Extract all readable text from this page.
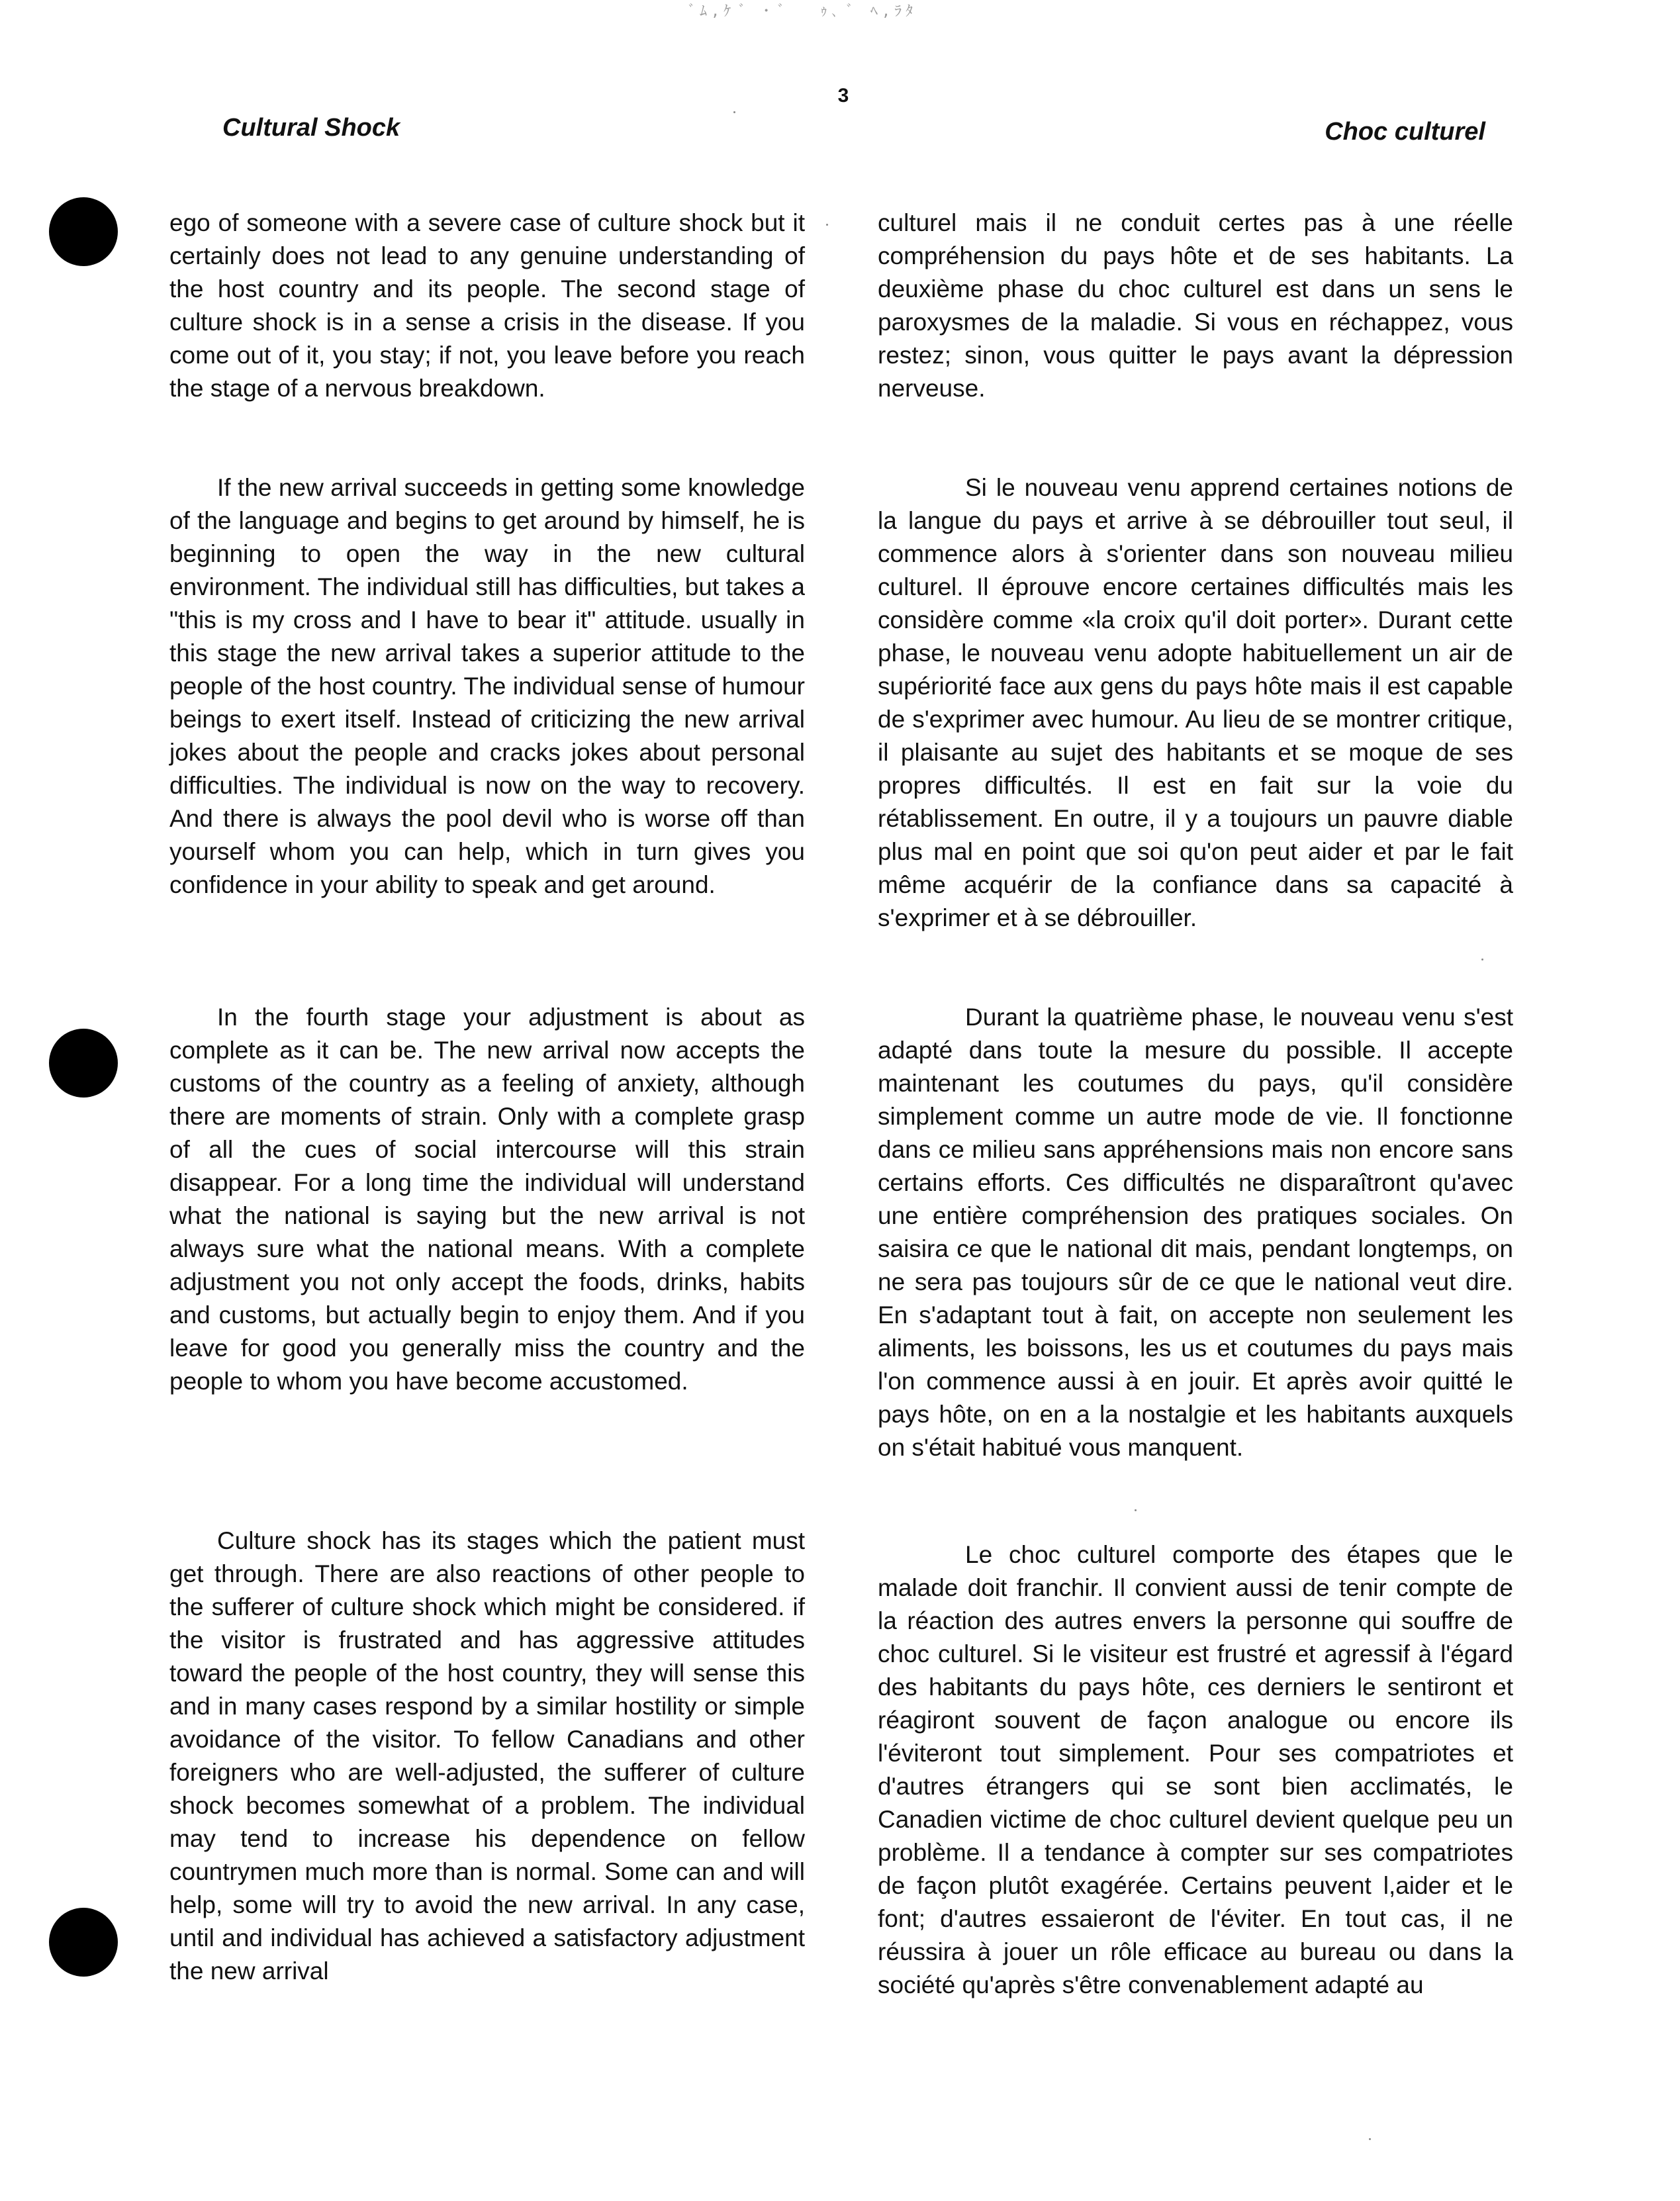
ﾞﾑ,ｹ ﾞ ･ ﾞ　 ｩ､ ﾞ ﾍ,ﾗﾀ
3
Cultural Shock	Choc culturel

ego of someone with a severe case of culture shock but it certainly does not lead to any genuine understanding of the host country and its people. The second stage of culture shock is in a sense a crisis in the disease. If you come out of it, you stay; if not, you leave before you reach the stage of a nervous breakdown.

If the new arrival succeeds in getting some knowledge of the language and begins to get around by himself, he is beginning to open the way in the new cultural environment. The individual still has difficulties, but takes a "this is my cross and I have to bear it" attitude. usually in this stage the new arrival takes a superior attitude to the people of the host country. The individual sense of humour beings to exert itself. Instead of criticizing the new arrival jokes about the people and cracks jokes about personal difficulties. The individual is now on the way to recovery. And there is always the pool devil who is worse off than yourself whom you can help, which in turn gives you confidence in your ability to speak and get around.

In the fourth stage your adjustment is about as complete as it can be. The new arrival now accepts the customs of the country as a feeling of anxiety, although there are moments of strain. Only with a complete grasp of all the cues of social intercourse will this strain disappear. For a long time the individual will understand what the national is saying but the new arrival is not always sure what the national means. With a complete adjustment you not only accept the foods, drinks, habits and customs, but actually begin to enjoy them. And if you leave for good you generally miss the country and the people to whom you have become accustomed.

Culture shock has its stages which the patient must get through. There are also reactions of other people to the sufferer of culture shock which might be considered. if the visitor is frustrated and has aggressive attitudes toward the people of the host country, they will sense this and in many cases respond by a similar hostility or simple avoidance of the visitor. To fellow Canadians and other foreigners who are well-adjusted, the sufferer of culture shock becomes somewhat of a problem. The individual may tend to increase his dependence on fellow countrymen much more than is normal. Some can and will help, some will try to avoid the new arrival. In any case, until and individual has achieved a satisfactory adjustment the new arrival

culturel mais il ne conduit certes pas à une réelle compréhension du pays hôte et de ses habitants. La deuxième phase du choc culturel est dans un sens le paroxysmes de la maladie. Si vous en réchappez, vous restez; sinon, vous quitter le pays avant la dépression nerveuse.

Si le nouveau venu apprend certaines notions de la langue du pays et arrive à se débrouiller tout seul, il commence alors à s'orienter dans son nouveau milieu culturel. Il éprouve encore certaines difficultés mais les considère comme «la croix qu'il doit porter». Durant cette phase, le nouveau venu adopte habituellement un air de supériorité face aux gens du pays hôte mais il est capable de s'exprimer avec humour. Au lieu de se montrer critique, il plaisante au sujet des habitants et se moque de ses propres difficultés. Il est en fait sur la voie du rétablissement. En outre, il y a toujours un pauvre diable plus mal en point que soi qu'on peut aider et par le fait même acquérir de la confiance dans sa capacité à s'exprimer et à se débrouiller.

Durant la quatrième phase, le nouveau venu s'est adapté dans toute la mesure du possible. Il accepte maintenant les coutumes du pays, qu'il considère simplement comme un autre mode de vie. Il fonctionne dans ce milieu sans appréhensions mais non encore sans certains efforts. Ces difficultés ne disparaîtront qu'avec une entière compréhension des pratiques sociales. On saisira ce que le national dit mais, pendant longtemps, on ne sera pas toujours sûr de ce que le national veut dire. En s'adaptant tout à fait, on accepte non seulement les aliments, les boissons, les us et coutumes du pays mais l'on commence aussi à en jouir. Et après avoir quitté le pays hôte, on en a la nostalgie et les habitants auxquels on s'était habitué vous manquent.

Le choc culturel comporte des étapes que le malade doit franchir. Il convient aussi de tenir compte de la réaction des autres envers la personne qui souffre de choc culturel. Si le visiteur est frustré et agressif à l'égard des habitants du pays hôte, ces derniers le sentiront et réagiront souvent de façon analogue ou encore ils l'éviteront tout simplement. Pour ses compatriotes et d'autres étrangers qui se sont bien acclimatés, le Canadien victime de choc culturel devient quelque peu un problème. Il a tendance à compter sur ses compatriotes de façon plutôt exagérée. Certains peuvent l,aider et le font; d'autres essaieront de l'éviter. En tout cas, il ne réussira à jouer un rôle efficace au bureau ou dans la société qu'après s'être convenablement adapté au
